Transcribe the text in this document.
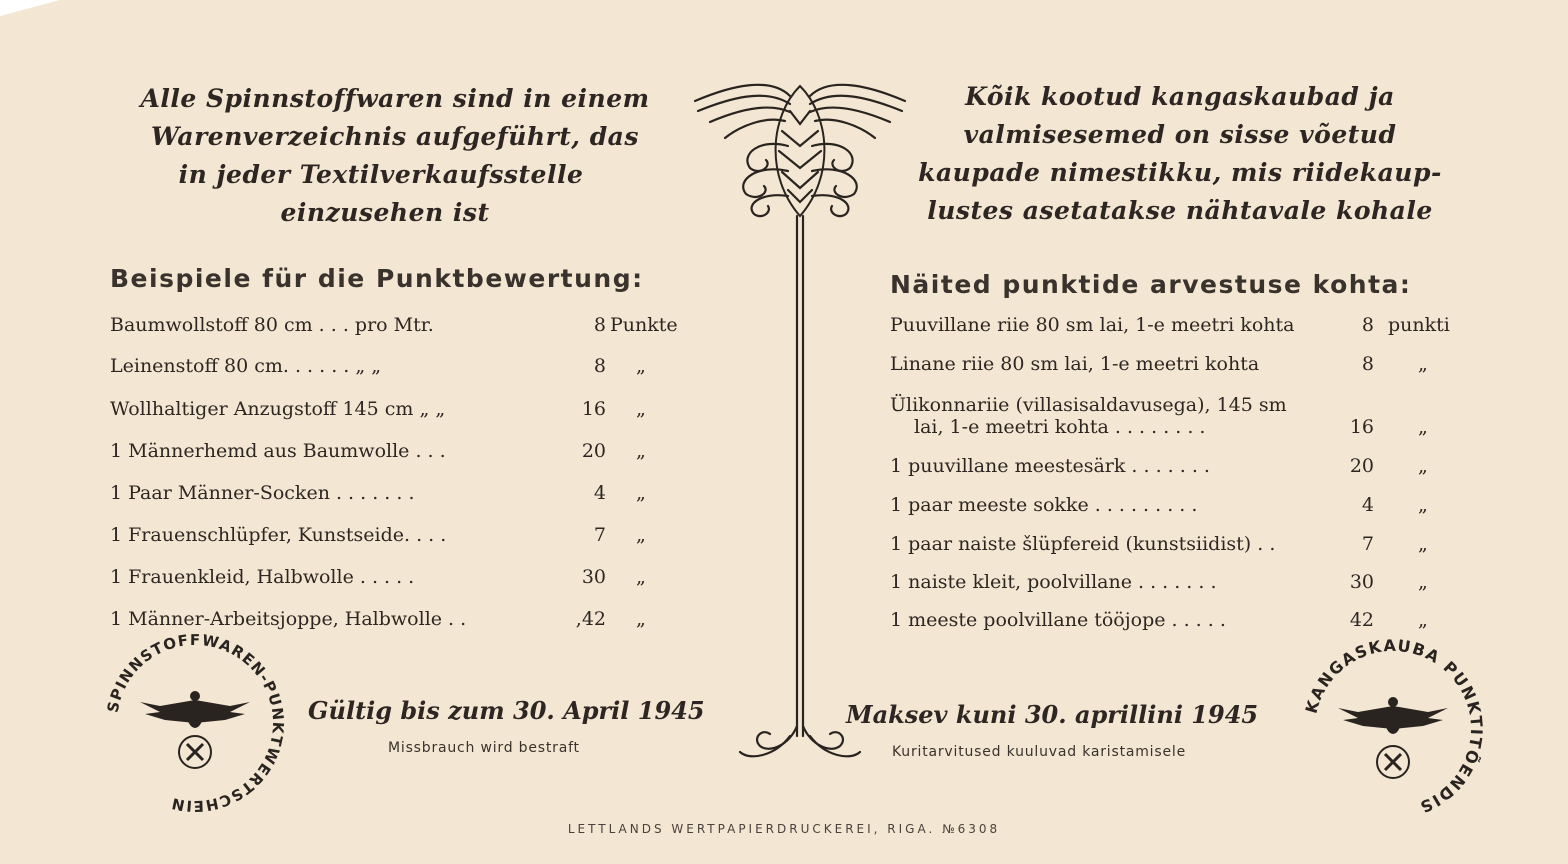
Alle Spinnstoffwaren sind in einem
Warenverzeichnis aufgeführt, das
in jeder Textilverkaufsstelle
einzusehen ist
Kõik kootud kangaskaubad ja
valmisesemed on sisse võetud
kaupade nimestikku, mis riidekaup-
lustes asetatakse nähtavale kohale
Beispiele für die Punktbewertung:	Näited punktide arvestuse kohta:
Baumwollstoff 80 cm . . . pro Mtr.	8 Punkte
Leinenstoff 80 cm. . . . . . „ „	8 „
Wollhaltiger Anzugstoff 145 cm „ „	16 „
1 Männerhemd aus Baumwolle . . .	20 „
1 Paar Männer-Socken . . . . . . .	4 „
1 Frauenschlüpfer, Kunstseide. . . .	7 „
1 Frauenkleid, Halbwolle . . . . .	30 „
1 Männer-Arbeitsjoppe, Halbwolle . .	,42 „
Puuvillane riie 80 sm lai, 1-e meetri kohta	8 punkti
Linane riie 80 sm lai, 1-e meetri kohta	8 „
Ülikonnariie (villasisaldavusega), 145 sm
lai, 1-e meetri kohta . . . . . . . .	16 „
1 puuvillane meestesärk . . . . . . .	20 „
1 paar meeste sokke . . . . . . . . .	4 „
1 paar naiste šlüpfereid (kunstsiidist) . .	7 „
1 naiste kleit, poolvillane . . . . . . .	30 „
1 meeste poolvillane tööjope . . . . .	42 „
Gültig bis zum 30. April 1945
Missbrauch wird bestraft
Maksev kuni 30. aprillini 1945
Kuritarvitused kuuluvad karistamisele
SPINNSTOFFWAREN-PUNKTWERTSCHEIN
KANGASKAUBA PUNKTITÕENDIS
LETTLANDS WERTPAPIERDRUCKEREI, RIGA. №6308
